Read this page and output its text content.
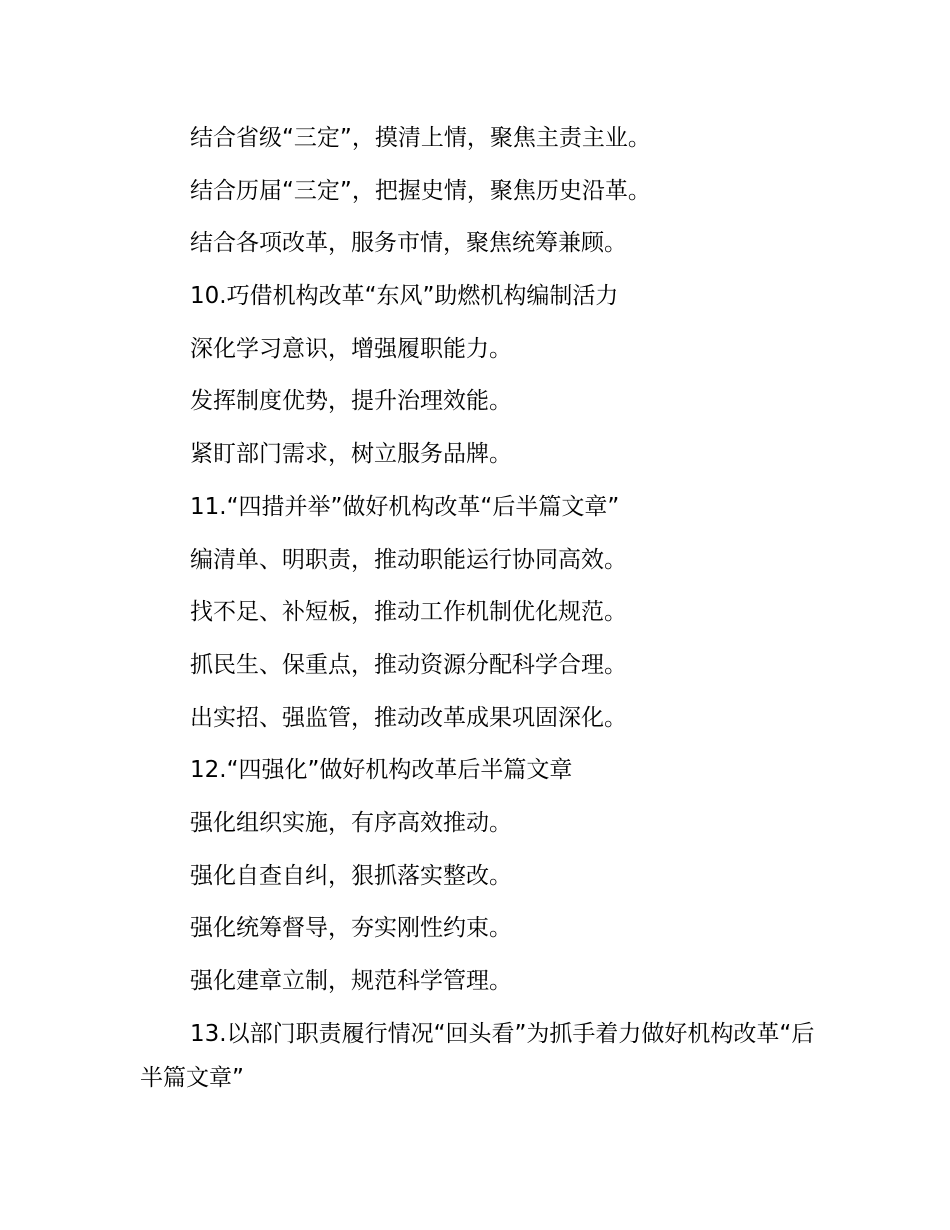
结合省级“三定”，摸清上情，聚焦主责主业。
结合历届“三定”，把握史情，聚焦历史沿革。
结合各项改革，服务市情，聚焦统筹兼顾。
10.巧借机构改革“东风”助燃机构编制活力
深化学习意识，增强履职能力。
发挥制度优势，提升治理效能。
紧盯部门需求，树立服务品牌。
11.“四措并举”做好机构改革“后半篇文章”
编清单、明职责，推动职能运行协同高效。
找不足、补短板，推动工作机制优化规范。
抓民生、保重点，推动资源分配科学合理。
出实招、强监管，推动改革成果巩固深化。
12.“四强化”做好机构改革后半篇文章
强化组织实施，有序高效推动。
强化自查自纠，狠抓落实整改。
强化统筹督导，夯实刚性约束。
强化建章立制，规范科学管理。
13.以部门职责履行情况“回头看”为抓手着力做好机构改革“后半篇文章”
